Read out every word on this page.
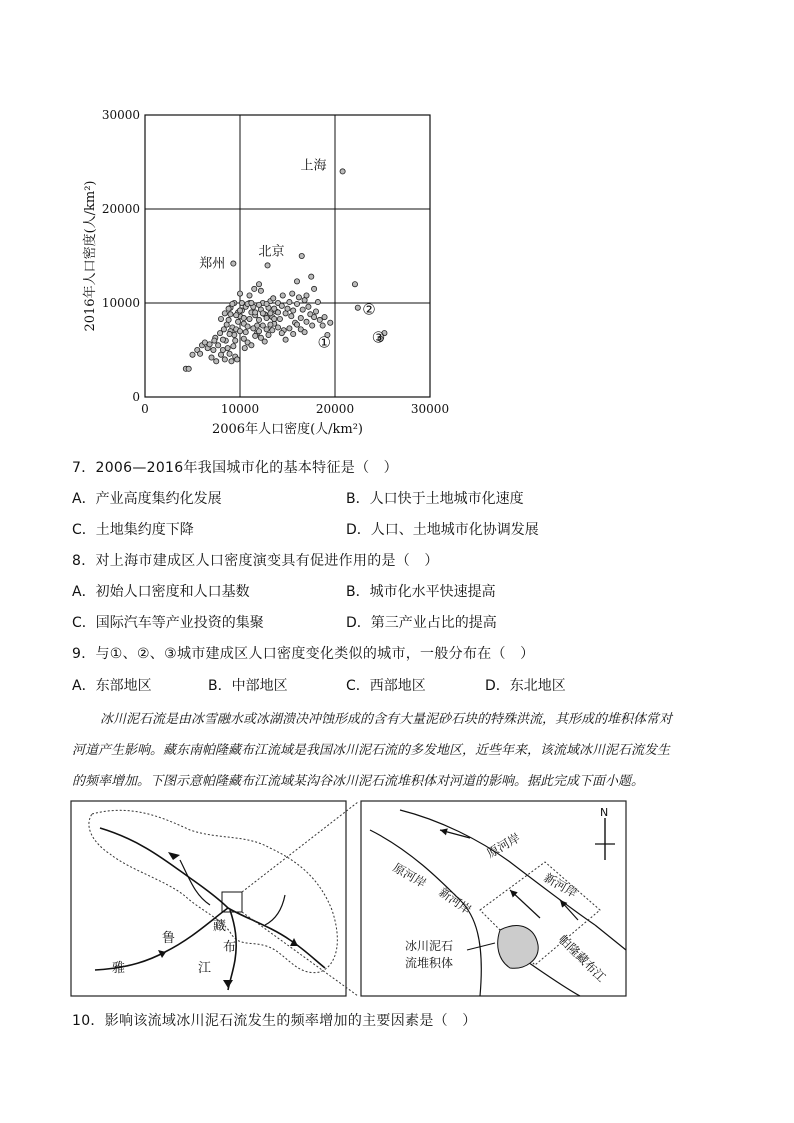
0	10000	20000	30000
0
10000
20000
30000
2006年人口密度(人/km²)
2016年人口密度(人/km²)
上海
北京
郑州
①
②
③
7．2006—2016年我国城市化的基本特征是（　）
A．产业高度集约化发展	B．人口快于土地城市化速度
C．土地集约度下降	D．人口、土地城市化协调发展
8．对上海市建成区人口密度演变具有促进作用的是（　）
A．初始人口密度和人口基数	B．城市化水平快速提高
C．国际汽车等产业投资的集聚	D．第三产业占比的提高
9．与①、②、③城市建成区人口密度变化类似的城市，一般分布在（　）
A．东部地区	B．中部地区	C．西部地区	D．东北地区
冰川泥石流是由冰雪融水或冰湖溃决冲蚀形成的含有大量泥砂石块的特殊洪流，其形成的堆积体常对
河道产生影响。藏东南帕隆藏布江流域是我国冰川泥石流的多发地区，近些年来，该流域冰川泥石流发生
的频率增加。下图示意帕隆藏布江流域某沟谷冰川泥石流堆积体对河道的影响。据此完成下面小题。
鲁
藏
布
雅	江
N
原河岸
原河岸	新河岸
新河岸
冰川泥石
流堆积体	帕隆藏布江
10．影响该流域冰川泥石流发生的频率增加的主要因素是（　）
